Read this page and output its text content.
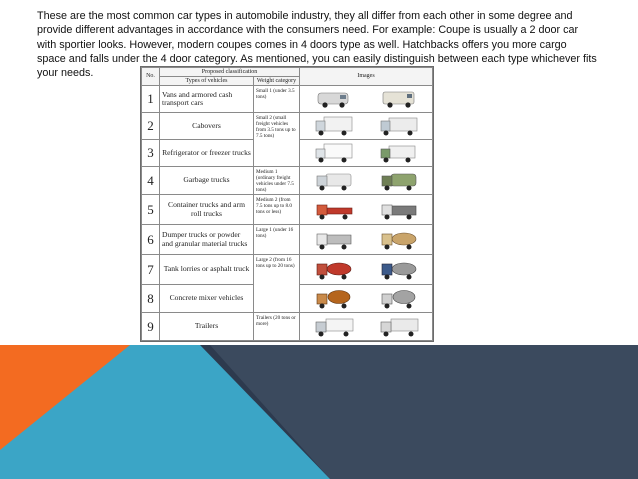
These are the most common car types in automobile industry, they all differ from each other in some degree and provide different advantages in accordance with the consumers need. For example: Coupe is usually a 2 door car with sportier looks. However, modern coupes comes in 4 doors type as well. Hatchbacks offers you more cargo space and falls under the 4 door category. As mentioned, you can easily distinguish between each type whichever fits your needs.	No.	Proposed classification		Images
	Types of vehicles	Weight category	
1	Vans and armored cash transport cars	Small 1 (under 3.5 tons)	

2	Cabovers	Small 2 (small freight vehicles from 3.5 tons up to 7.5 tons)	

3	Refrigerator or freezer trucks	

4	Garbage trucks	Medium 1 (ordinary freight vehicles under 7.5 tons)	

5	Container trucks and arm roll trucks	Medium 2 (from 7.5 tons up to 8.0 tons or less)	

6	Dumper trucks or powder and granular material trucks	Large 1 (under 16 tons)	

7	Tank lorries or asphalt truck	Large 2 (from 16 tons up to 20 tons)	

8	Concrete mixer vehicles	

9	Trailers	Trailers (20 tons or more)	
